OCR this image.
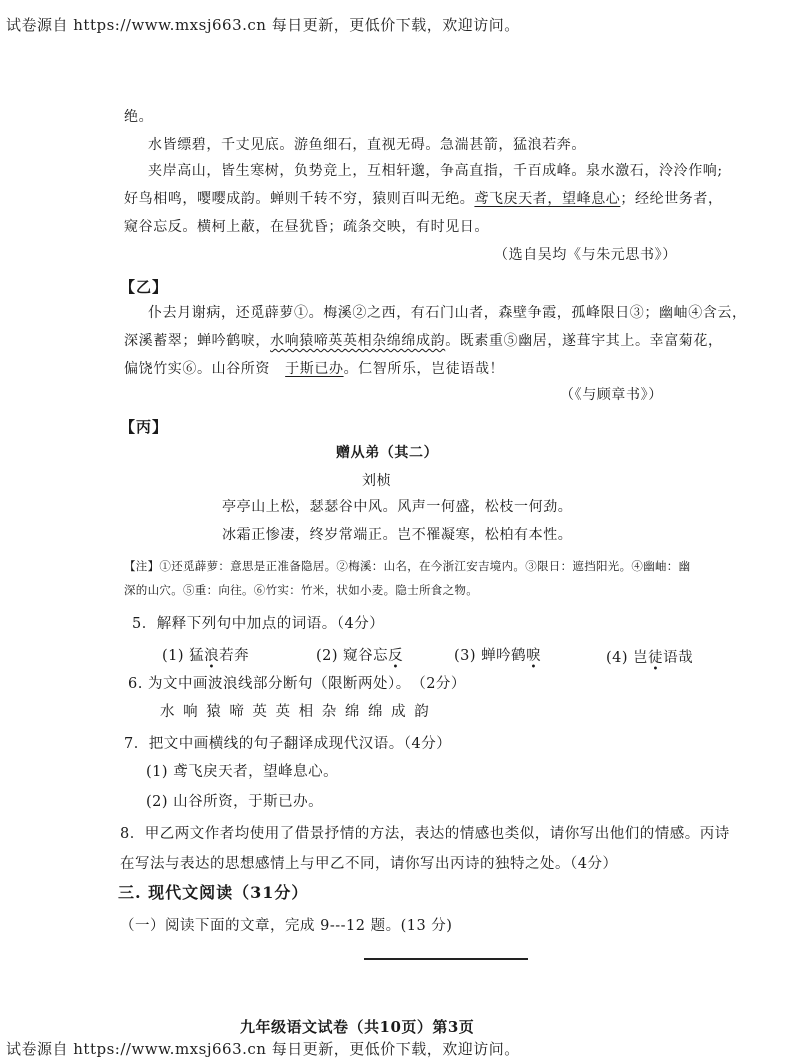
试卷源自 https://www.mxsj663.cn 每日更新，更低价下载，欢迎访问。
绝。
水皆缥碧，千丈见底。游鱼细石，直视无碍。急湍甚箭，猛浪若奔。
夹岸高山，皆生寒树，负势竞上，互相轩邈，争高直指，千百成峰。泉水激石，泠泠作响;
好鸟相鸣，嘤嘤成韵。蝉则千转不穷，猿则百叫无绝。鸢飞戾天者，望峰息心；经纶世务者，
窥谷忘反。横柯上蔽，在昼犹昏；疏条交映，有时见日。
（选自吴均《与朱元思书》）
【乙】
仆去月谢病，还觅薜萝①。梅溪②之西，有石门山者，森壁争霞，孤峰限日③；幽岫④含云，
深溪蓄翠；蝉吟鹤唳，水响猿啼英英相杂绵绵成韵。既素重⑤幽居，遂葺宇其上。幸富菊花，
偏饶竹实⑥。山谷所资 于斯已办。仁智所乐，岂徒语哉！
（《与顾章书》）
【丙】
赠从弟（其二）
刘桢
亭亭山上松，瑟瑟谷中风。风声一何盛，松枝一何劲。
冰霜正惨凄，终岁常端正。岂不罹凝寒，松柏有本性。
【注】①还觅薜萝：意思是正准备隐居。②梅溪：山名，在今浙江安吉境内。③限日：遮挡阳光。④幽岫：幽
深的山穴。⑤重：向往。⑥竹实：竹米，状如小麦。隐士所食之物。
5．解释下列句中加点的词语。（4分）
(1) 猛浪若奔	(2) 窥谷忘反	(3) 蝉吟鹤唳	(4) 岂徒语哉
6. 为文中画波浪线部分断句（限断两处）。　（2分）
水 响 猿 啼 英 英 相 杂 绵 绵 成 韵
7．把文中画横线的句子翻译成现代汉语。（4分）
(1) 鸢飞戾天者，望峰息心。
(2) 山谷所资，于斯已办。
8．甲乙两文作者均使用了借景抒情的方法，表达的情感也类似，请你写出他们的情感。丙诗
在写法与表达的思想感情上与甲乙不同，请你写出丙诗的独特之处。（4分）
三. 现代文阅读（31分）
（一）阅读下面的文章，完成 9---12 题。(13 分)
九年级语文试卷（共10页）第3页
试卷源自 https://www.mxsj663.cn 每日更新，更低价下载，欢迎访问。
